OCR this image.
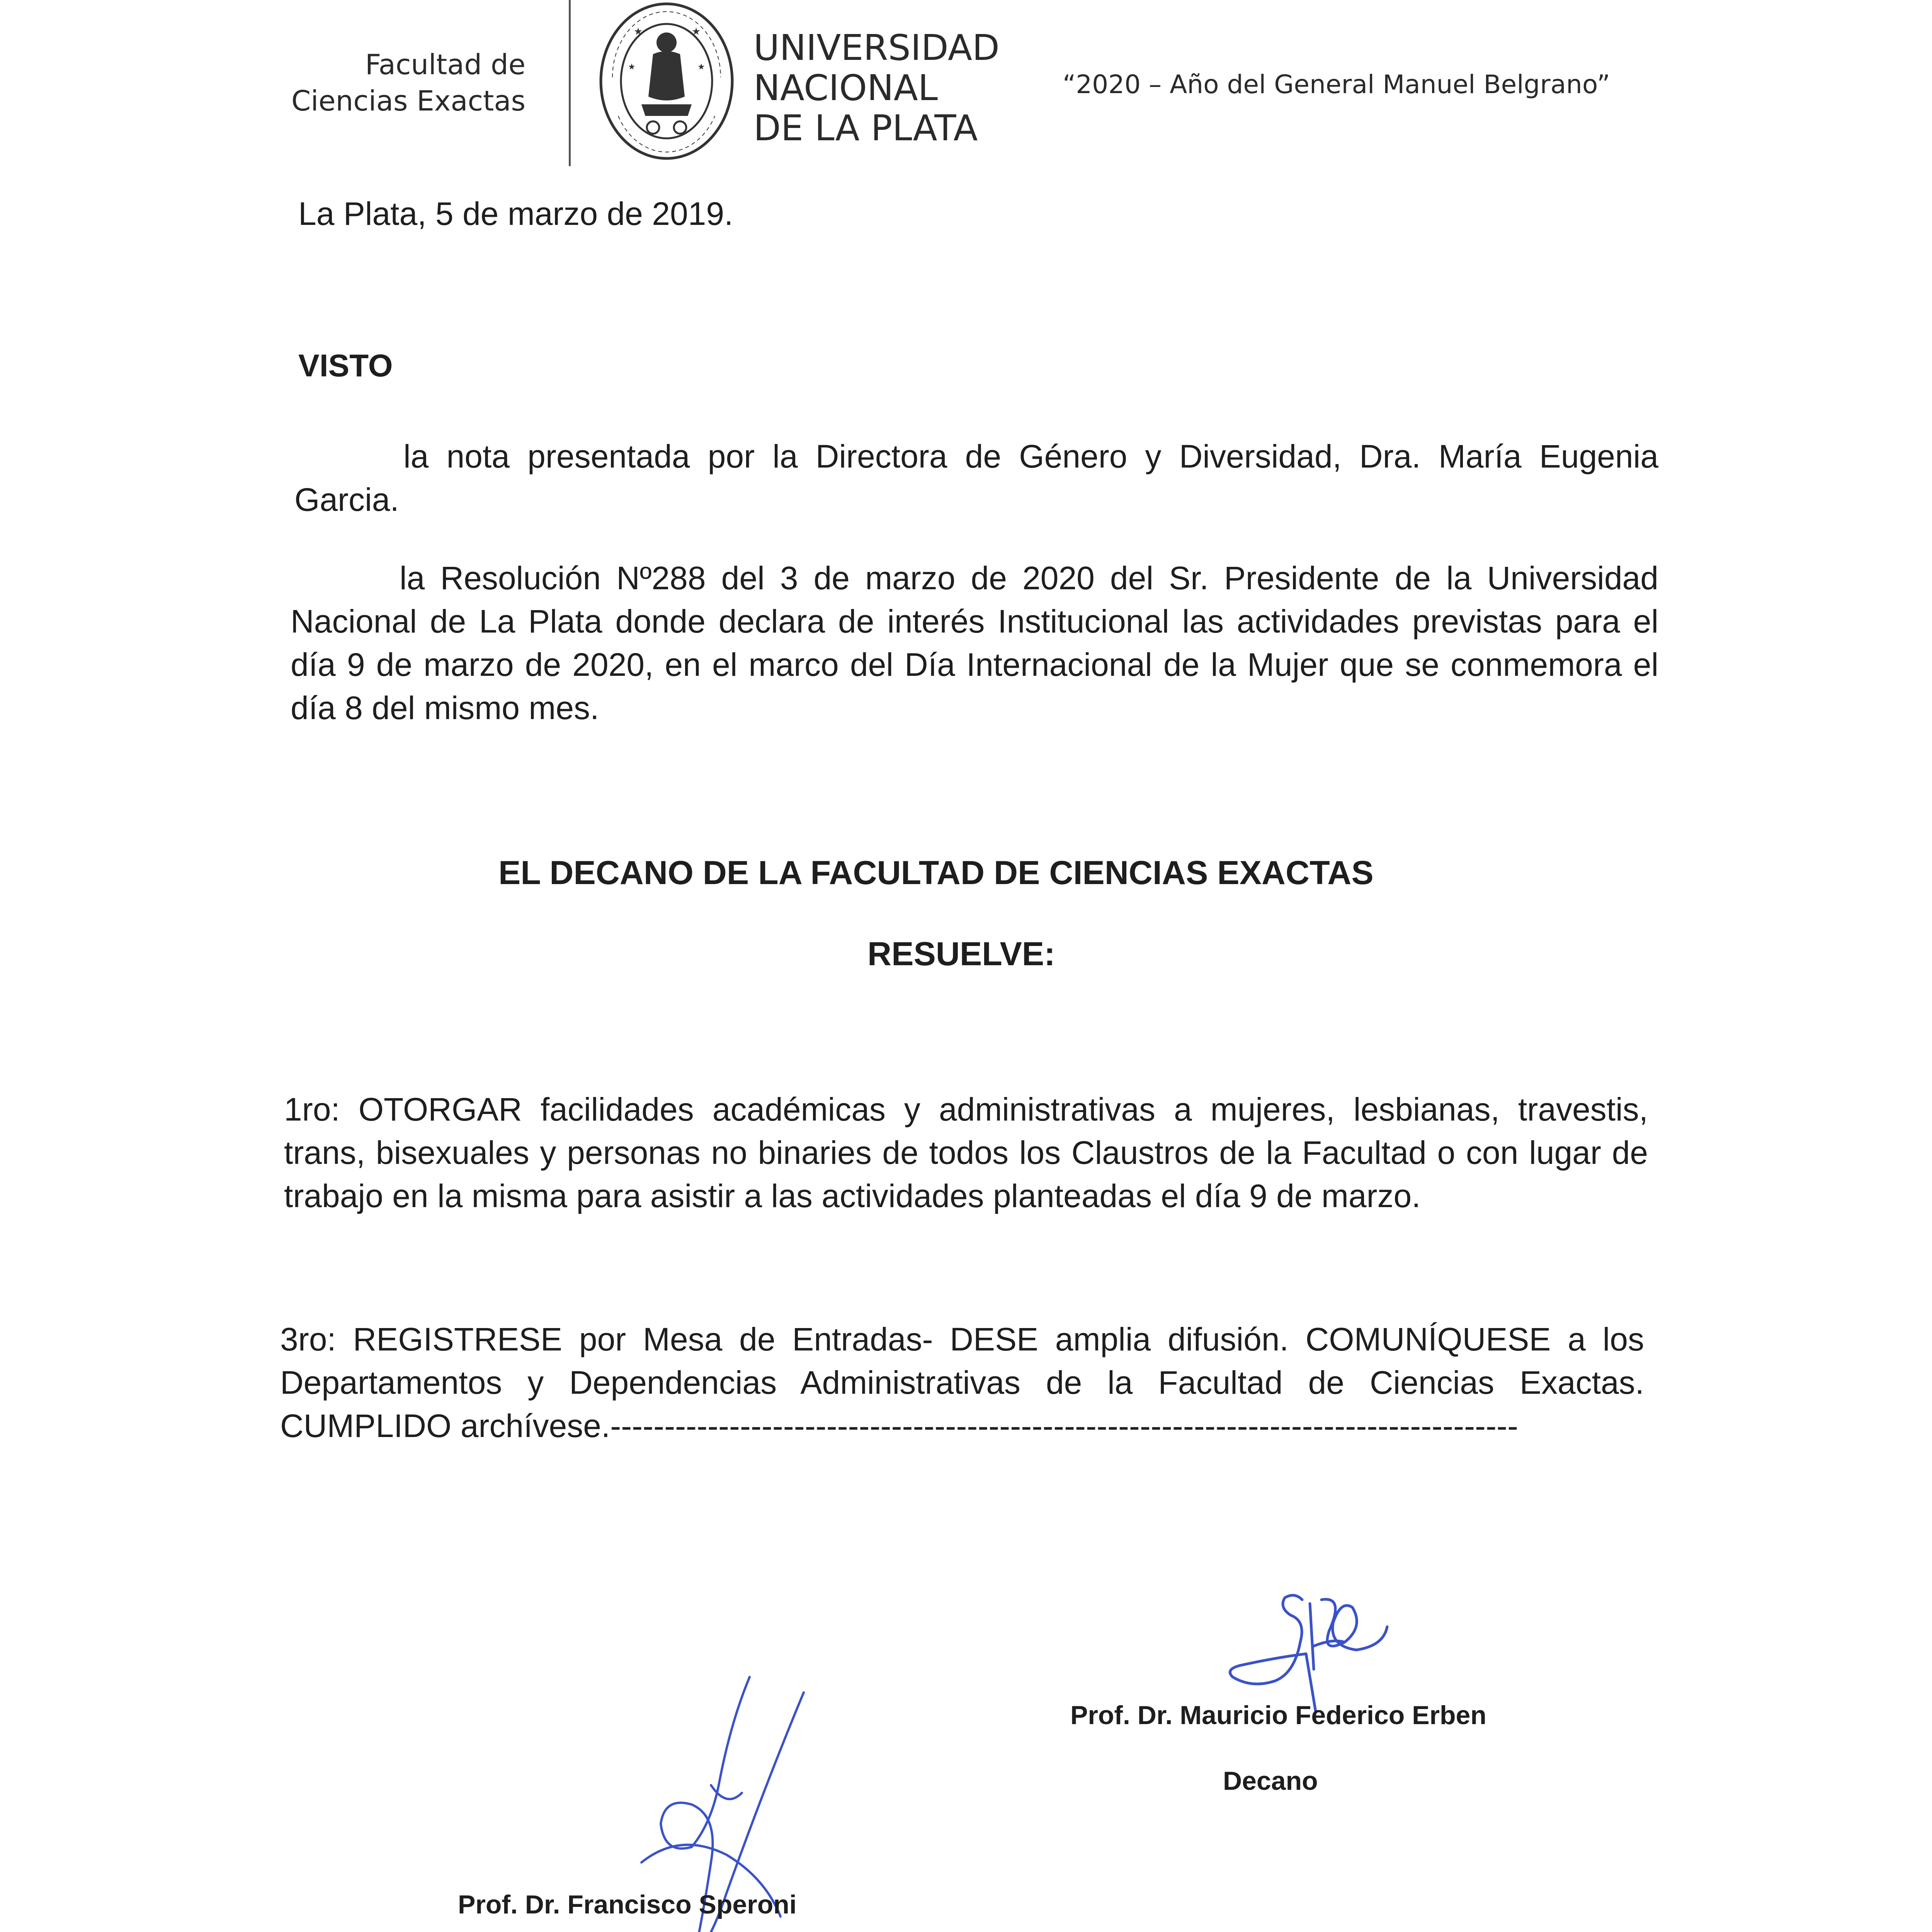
Facultad de
Ciencias Exactas
★	★
★	★ UNIVERSIDAD
NACIONAL
DE LA PLATA
“2020 – Año del General Manuel Belgrano”
La Plata, 5 de marzo de 2019.
VISTO
la nota presentada por la Directora de Género y Diversidad, Dra. María Eugenia Garcia.
la Resolución Nº288 del 3 de marzo de 2020 del Sr. Presidente de la Universidad Nacional de La Plata donde declara de interés Institucional las actividades previstas para el día 9 de marzo de 2020, en el marco del Día Internacional de la Mujer que se conmemora el día 8 del mismo mes.
EL DECANO DE LA FACULTAD DE CIENCIAS EXACTAS
RESUELVE:
1ro: OTORGAR facilidades académicas y administrativas a mujeres, lesbianas, travestis, trans, bisexuales y personas no binaries de todos los Claustros de la Facultad o con lugar de trabajo en la misma para asistir a las actividades planteadas el día 9 de marzo.
3ro: REGISTRESE por Mesa de Entradas- DESE amplia difusión. COMUNÍQUESE a los Departamentos y Dependencias Administrativas de la Facultad de Ciencias Exactas. CUMPLIDO archívese.------------------------------------------------------------------------------------
Prof. Dr. Mauricio Federico Erben
Decano
Prof. Dr. Francisco Speroni
